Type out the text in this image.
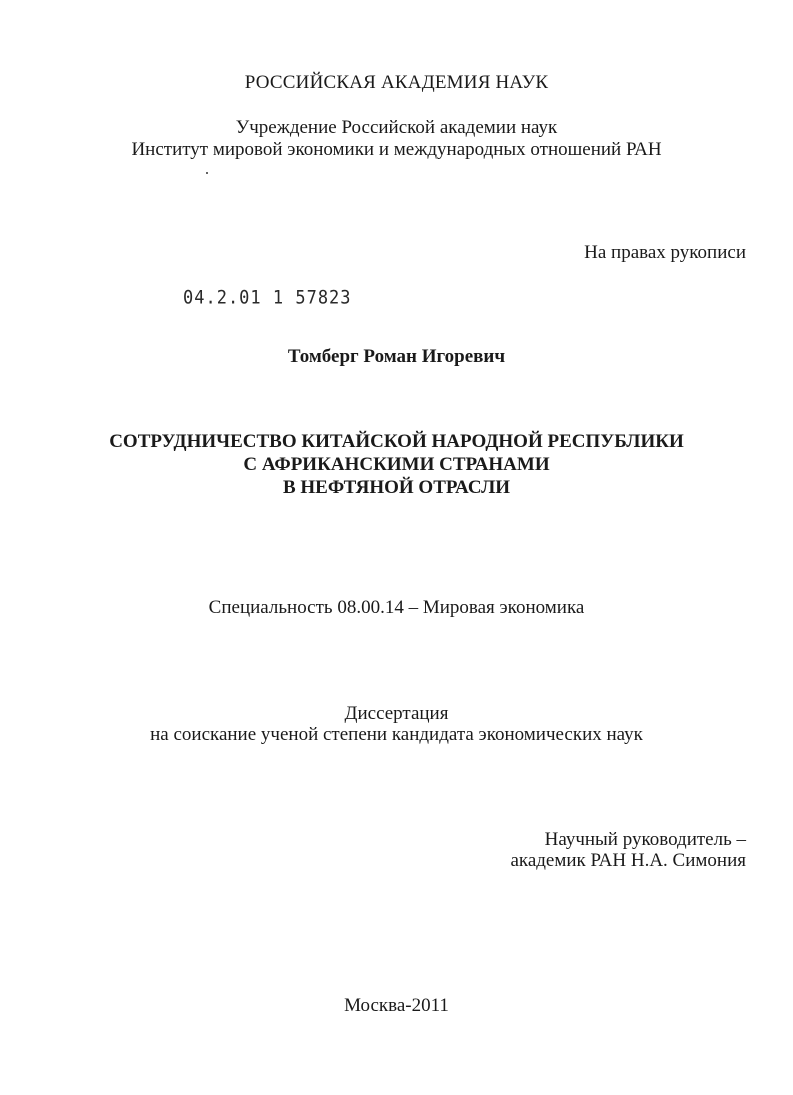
РОССИЙСКАЯ АКАДЕМИЯ НАУК
Учреждение Российской академии наук
Институт мировой экономики и международных отношений РАН
На правах рукописи
04.2.01 1 57823
Томберг Роман Игоревич
СОТРУДНИЧЕСТВО КИТАЙСКОЙ НАРОДНОЙ РЕСПУБЛИКИ
С АФРИКАНСКИМИ СТРАНАМИ
В НЕФТЯНОЙ ОТРАСЛИ
Специальность 08.00.14 – Мировая экономика
Диссертация
на соискание ученой степени кандидата экономических наук
Научный руководитель –
академик РАН Н.А. Симония
Москва-2011
